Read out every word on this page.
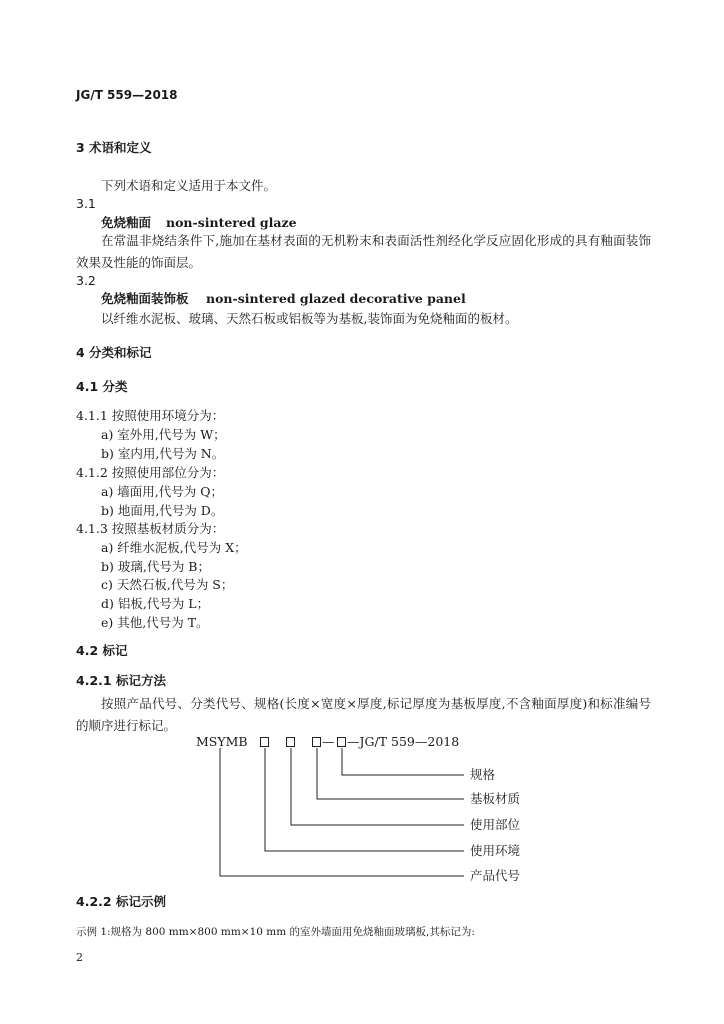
JG/T 559—2018
3 术语和定义
下列术语和定义适用于本文件。
3.1
免烧釉面 non-sintered glaze
在常温非烧结条件下,施加在基材表面的无机粉末和表面活性剂经化学反应固化形成的具有釉面装饰效果及性能的饰面层。
3.2
免烧釉面装饰板 non-sintered glazed decorative panel
以纤维水泥板、玻璃、天然石板或铝板等为基板,装饰面为免烧釉面的板材。
4 分类和标记
4.1 分类
4.1.1 按照使用环境分为：
a) 室外用,代号为 W；
b) 室内用,代号为 N。
4.1.2 按照使用部位分为：
a) 墙面用,代号为 Q；
b) 地面用,代号为 D。
4.1.3 按照基板材质分为：
a) 纤维水泥板,代号为 X；
b) 玻璃,代号为 B；
c) 天然石板,代号为 S；
d) 铝板,代号为 L；
e) 其他,代号为 T。
4.2 标记
4.2.1 标记方法
按照产品代号、分类代号、规格(长度×宽度×厚度,标记厚度为基板厚度,不含釉面厚度)和标准编号的顺序进行标记。
MSYMB	— —JG/T 559—2018
规格
基板材质
使用部位
使用环境
产品代号
4.2.2 标记示例
示例 1:规格为 800 mm×800 mm×10 mm 的室外墙面用免烧釉面玻璃板,其标记为:
2
